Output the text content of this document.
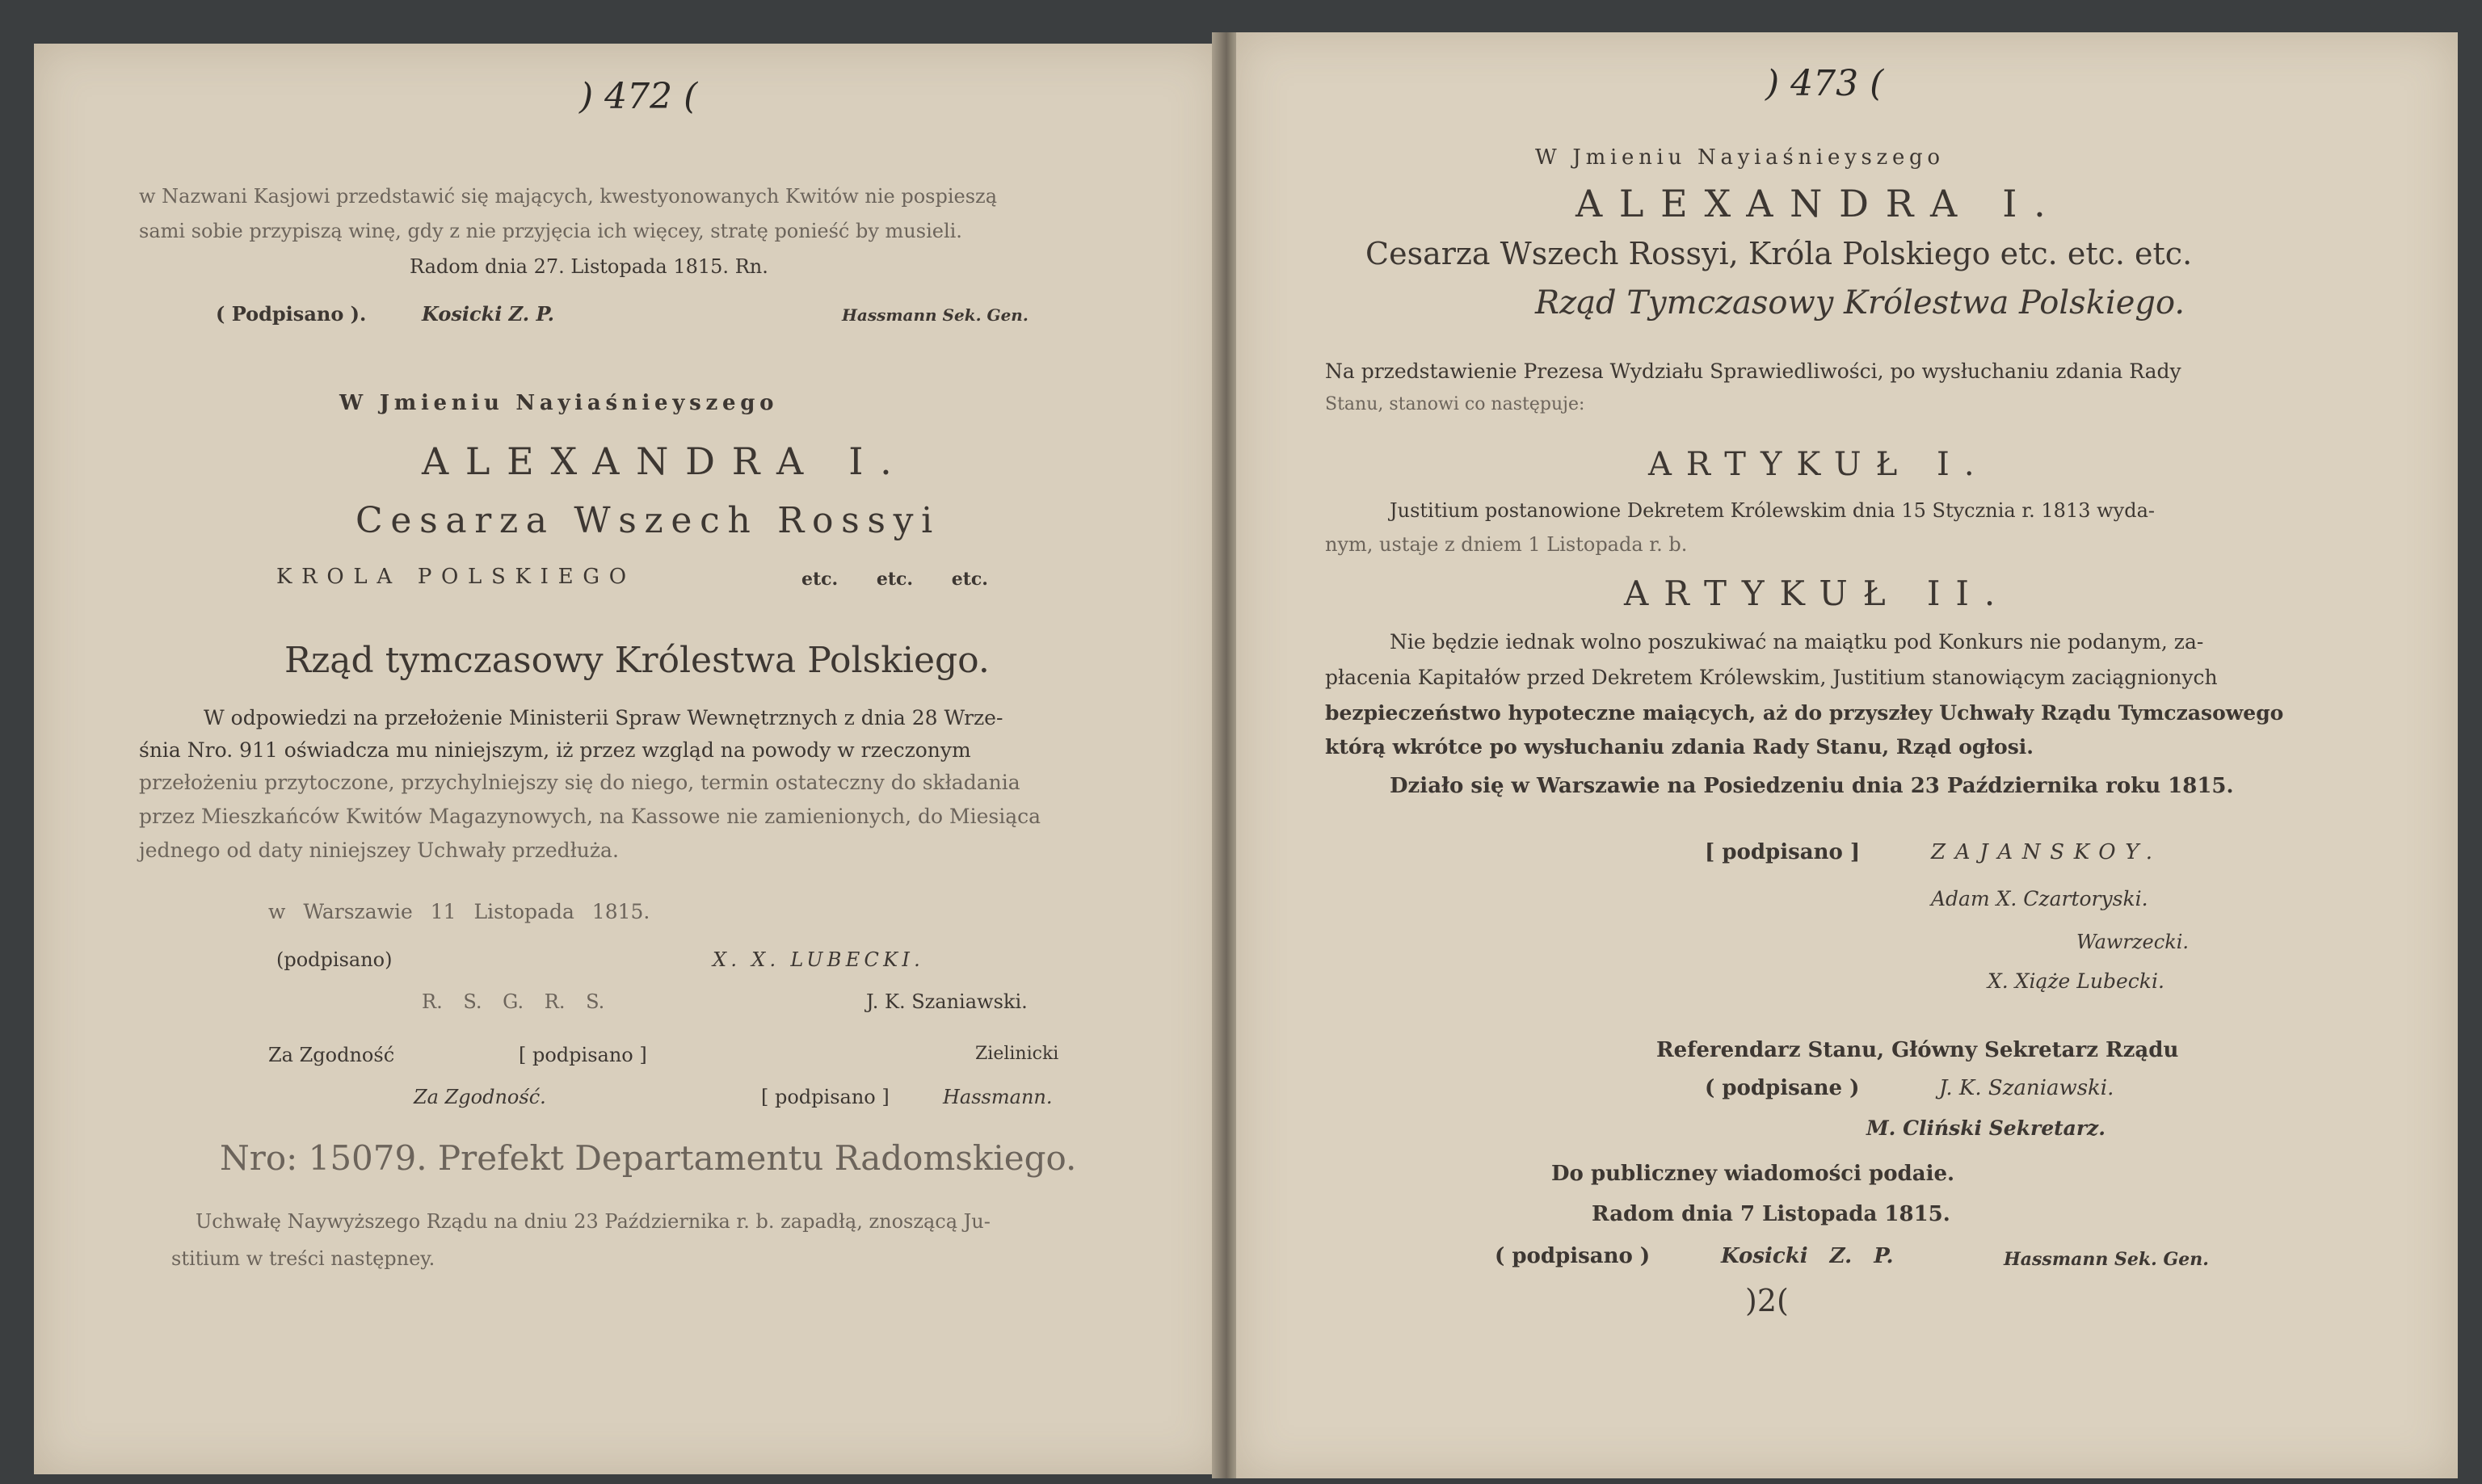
) 472 (
w Nazwani Kasjowi przedstawić się mających, kwestyonowanych Kwitów nie pospieszą
sami sobie przypiszą winę, gdy z nie przyjęcia ich więcey, stratę ponieść by musieli.
Radom dnia 27. Listopada 1815. Rn.
( Podpisano ).	Kosicki Z. P.	Hassmann Sek. Gen.
W Jmieniu Nayiaśnieyszego
ALEXANDRA I.
Cesarza Wszech Rossyi
KROLA POLSKIEGO	etc. etc. etc.
Rząd tymczasowy Królestwa Polskiego.
W odpowiedzi na przełożenie Ministerii Spraw Wewnętrznych z dnia 28 Wrze-
śnia Nro. 911 oświadcza mu niniejszym, iż przez wzgląd na powody w rzeczonym
przełożeniu przytoczone, przychylniejszy się do niego, termin ostateczny do składania
przez Mieszkańców Kwitów Magazynowych, na Kassowe nie zamienionych, do Miesiąca
jednego od daty niniejszey Uchwały przedłuża.
w Warszawie 11 Listopada 1815.
(podpisano)	X. X. LUBECKI.
R. S. G. R. S.	J. K. Szaniawski.
Za Zgodność	[ podpisano ]	Zielinicki
Za Zgodność.	[ podpisano ]	Hassmann.
Nro: 15079. Prefekt Departamentu Radomskiego.
Uchwałę Naywyższego Rządu na dniu 23 Października r. b. zapadłą, znoszącą Ju-
stitium w treści następney.
) 473 (
W Jmieniu Nayiaśnieyszego
ALEXANDRA I.
Cesarza Wszech Rossyi, Króla Polskiego etc. etc. etc.
Rząd Tymczasowy Królestwa Polskiego.
Na przedstawienie Prezesa Wydziału Sprawiedliwości, po wysłuchaniu zdania Rady
Stanu, stanowi co następuje:
ARTYKUŁ I.
Justitium postanowione Dekretem Królewskim dnia 15 Stycznia r. 1813 wyda-
nym, ustaje z dniem 1 Listopada r. b.
ARTYKUŁ II.
Nie będzie iednak wolno poszukiwać na maiątku pod Konkurs nie podanym, za-
płacenia Kapitałów przed Dekretem Królewskim, Justitium stanowiącym zaciągnionych
bezpieczeństwo hypoteczne maiących, aż do przyszłey Uchwały Rządu Tymczasowego
którą wkrótce po wysłuchaniu zdania Rady Stanu, Rząd ogłosi.
Działo się w Warszawie na Posiedzeniu dnia 23 Października roku 1815.
[ podpisano ]	ZAJANSKOY.
Adam X. Czartoryski.
Wawrzecki.
X. Xiąże Lubecki.
Referendarz Stanu, Główny Sekretarz Rządu
( podpisane )	J. K. Szaniawski.
M. Cliński Sekretarz.
Do publiczney wiadomości podaie.
Radom dnia 7 Listopada 1815.
( podpisano )	Kosicki Z. P.	Hassmann Sek. Gen.
)2(
